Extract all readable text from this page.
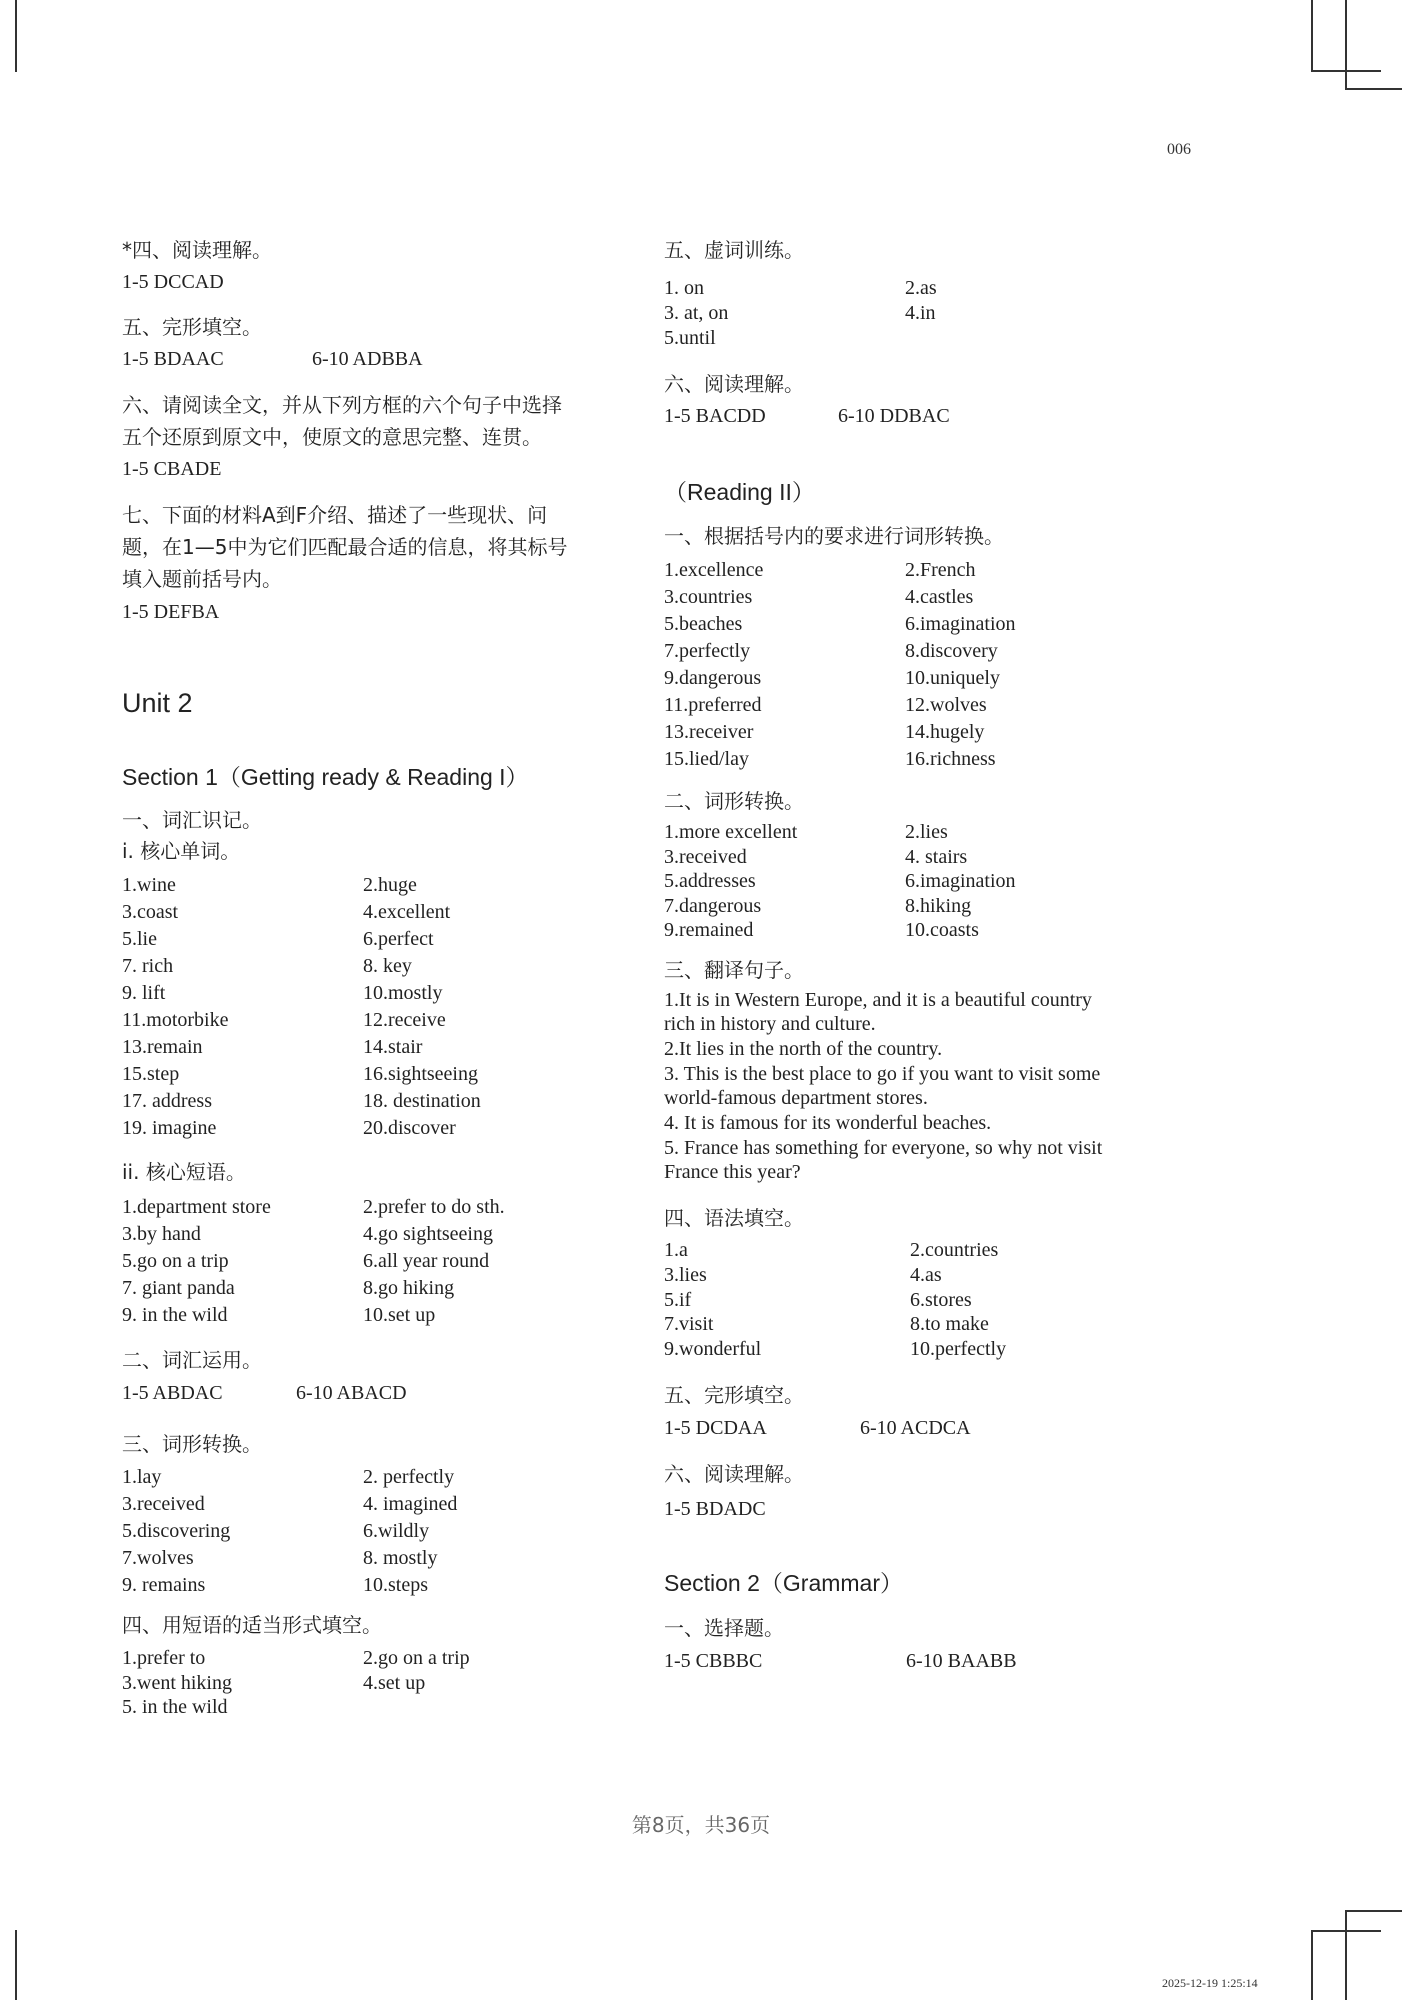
006
*四、阅读理解。
1-5 DCCAD
五、完形填空。
1-5 BDAAC	6-10 ADBBA
六、请阅读全文，并从下列方框的六个句子中选择
五个还原到原文中，使原文的意思完整、连贯。
1-5 CBADE
七、下面的材料A到F介绍、描述了一些现状、问
题，在1—5中为它们匹配最合适的信息，将其标号
填入题前括号内。
1-5 DEFBA
Unit 2
Section 1（Getting ready & Reading I）
一、词汇识记。
i. 核心单词。
1.wine	2.huge
3.coast	4.excellent
5.lie	6.perfect
7. rich	8. key
9. lift	10.mostly
11.motorbike	12.receive
13.remain	14.stair
15.step	16.sightseeing
17. address	18. destination
19. imagine	20.discover
ii. 核心短语。
1.department store	2.prefer to do sth.
3.by hand	4.go sightseeing
5.go on a trip	6.all year round
7. giant panda	8.go hiking
9. in the wild	10.set up
二、词汇运用。
1-5 ABDAC	6-10 ABACD
三、词形转换。
1.lay	2. perfectly
3.received	4. imagined
5.discovering	6.wildly
7.wolves	8. mostly
9. remains	10.steps
四、用短语的适当形式填空。
1.prefer to	2.go on a trip
3.went hiking	4.set up
5. in the wild
五、虚词训练。
1. on	2.as
3. at, on	4.in
5.until
六、阅读理解。
1-5 BACDD	6-10 DDBAC
（Reading II）
一、根据括号内的要求进行词形转换。
1.excellence	2.French
3.countries	4.castles
5.beaches	6.imagination
7.perfectly	8.discovery
9.dangerous	10.uniquely
11.preferred	12.wolves
13.receiver	14.hugely
15.lied/lay	16.richness
二、词形转换。
1.more excellent	2.lies
3.received	4. stairs
5.addresses	6.imagination
7.dangerous	8.hiking
9.remained	10.coasts
三、翻译句子。
1.It is in Western Europe, and it is a beautiful country
rich in history and culture.
2.It lies in the north of the country.
3. This is the best place to go if you want to visit some
world-famous department stores.
4. It is famous for its wonderful beaches.
5. France has something for everyone, so why not visit
France this year?
四、语法填空。
1.a	2.countries
3.lies	4.as
5.if	6.stores
7.visit	8.to make
9.wonderful	10.perfectly
五、完形填空。
1-5 DCDAA	6-10 ACDCA
六、阅读理解。
1-5 BDADC
Section 2（Grammar）
一、选择题。
1-5 CBBBC	6-10 BAABB
第8页，共36页
2025-12-19 1:25:14
